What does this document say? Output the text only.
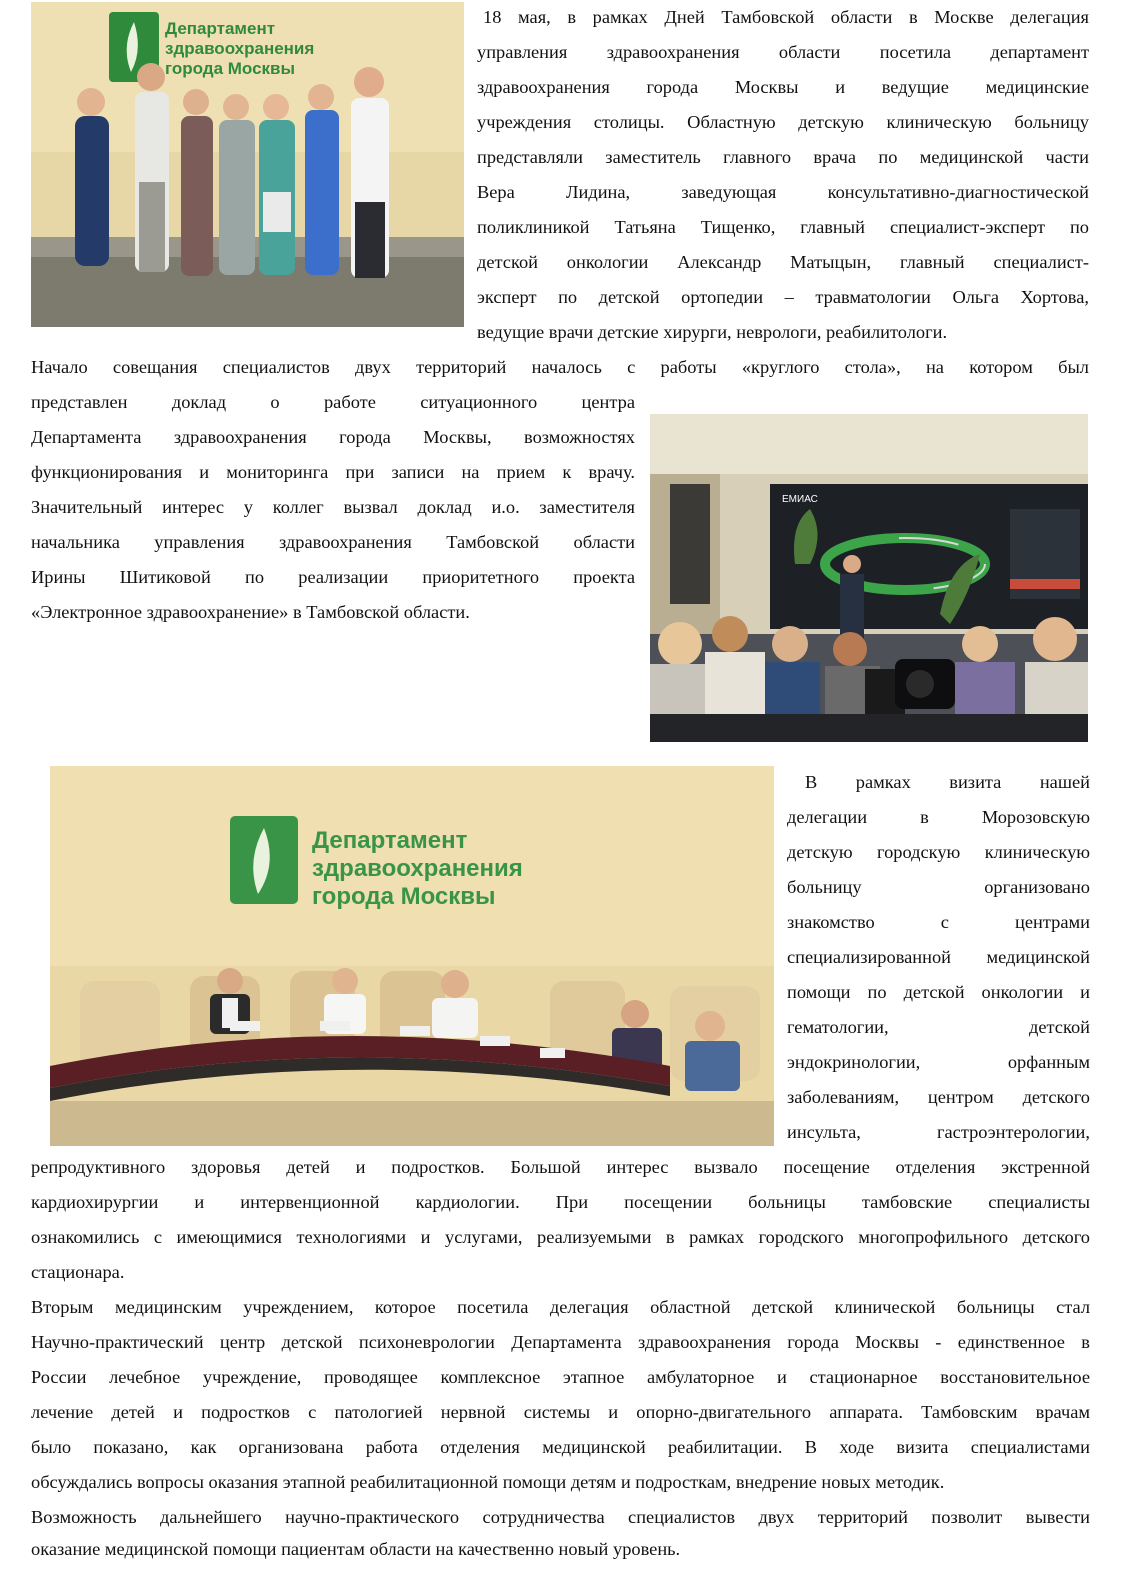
Департамент
здравоохранения
города Москвы

18 мая, в рамках Дней Тамбовской области в Москве делегация

управления здравоохранения области посетила департамент

здравоохранения города Москвы и ведущие медицинские

учреждения столицы. Областную детскую клиническую больницу

представляли заместитель главного врача по медицинской части

Вера Лидина, заведующая консультативно-диагностической

поликлиникой Татьяна Тищенко, главный специалист-эксперт по

детской онкологии Александр Матыцын, главный специалист-

эксперт по детской ортопедии – травматологии Ольга Хортова,

ведущие врачи детские хирурги, неврологи, реабилитологи.

Начало совещания специалистов двух территорий началось с работы «круглого стола», на котором был

представлен доклад о работе ситуационного центра

Департамента здравоохранения города Москвы, возможностях

функционирования и мониторинга при записи на прием к врачу.

Значительный интерес у коллег вызвал доклад и.о. заместителя

начальника управления здравоохранения Тамбовской области

Ирины Шитиковой по реализации приоритетного проекта

«Электронное здравоохранение» в Тамбовской области.

ЕМИАС
Департамент
здравоохранения
города Москвы

В рамках визита нашей

делегации в Морозовскую

детскую городскую клиническую

больницу организовано

знакомство с центрами

специализированной медицинской

помощи по детской онкологии и

гематологии, детской

эндокринологии, орфанным

заболеваниям, центром детского

инсульта, гастроэнтерологии,

репродуктивного здоровья детей и подростков. Большой интерес вызвало посещение отделения экстренной

кардиохирургии и интервенционной кардиологии. При посещении больницы тамбовские специалисты

ознакомились с имеющимися технологиями и услугами, реализуемыми в рамках городского многопрофильного детского

стационара.

Вторым медицинским учреждением, которое посетила делегация областной детской клинической больницы стал

Научно-практический центр детской психоневрологии Департамента здравоохранения города Москвы - единственное в

России лечебное учреждение, проводящее комплексное этапное амбулаторное и стационарное восстановительное

лечение детей и подростков с патологией нервной системы и опорно-двигательного аппарата. Тамбовским врачам

было показано, как организована работа отделения медицинской реабилитации. В ходе визита специалистами

обсуждались вопросы оказания этапной реабилитационной помощи детям и подросткам, внедрение новых методик.

Возможность дальнейшего научно-практического сотрудничества специалистов двух территорий позволит вывести

оказание медицинской помощи пациентам области на качественно новый уровень.
